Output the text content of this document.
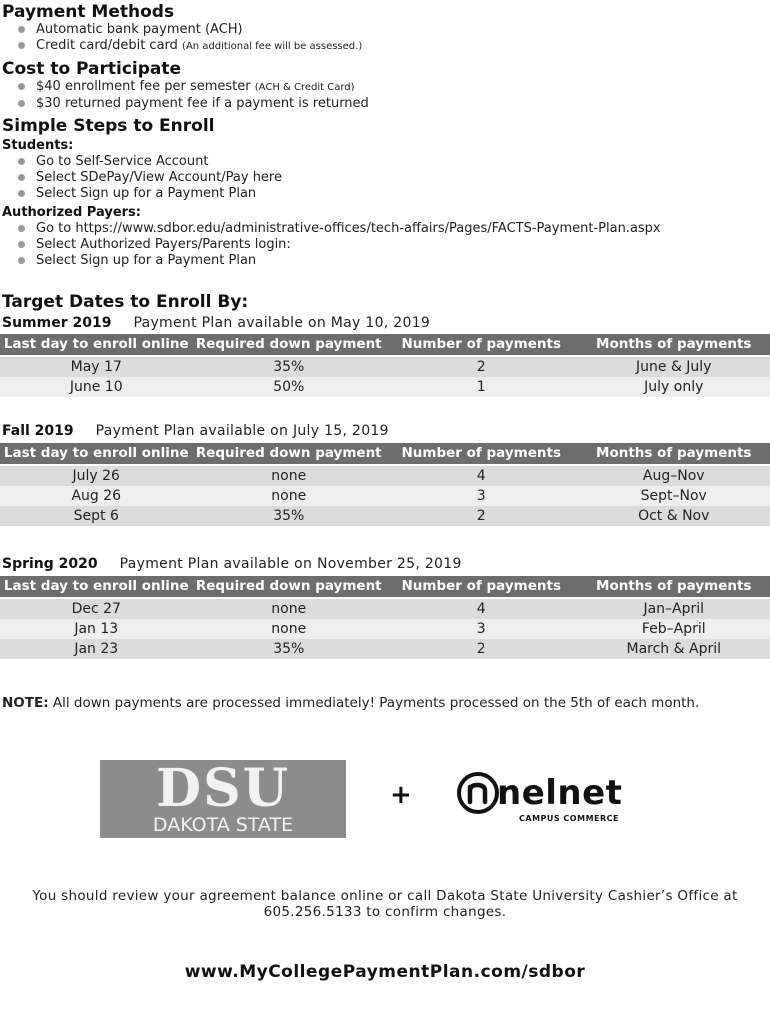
Payment Methods
Automatic bank payment (ACH)
Credit card/debit card (An additional fee will be assessed.)
Cost to Participate
$40 enrollment fee per semester (ACH & Credit Card)
$30 returned payment fee if a payment is returned
Simple Steps to Enroll
Students:
Go to Self-Service Account
Select SDePay/View Account/Pay here
Select Sign up for a Payment Plan
Authorized Payers:
Go to https://www.sdbor.edu/administrative-offices/tech-affairs/Pages/FACTS-Payment-Plan.aspx
Select Authorized Payers/Parents login:
Select Sign up for a Payment Plan
Target Dates to Enroll By:
Summer 2019 Payment Plan available on May 10, 2019
Last day to enroll online	Required down payment	Number of payments	Months of payments
May 17	35%	2	June & July
June 10	50%	1	July only
Fall 2019 Payment Plan available on July 15, 2019
Last day to enroll online	Required down payment	Number of payments	Months of payments
July 26	none	4	Aug–Nov
Aug 26	none	3	Sept–Nov
Sept 6	35%	2	Oct & Nov
Spring 2020 Payment Plan available on November 25, 2019
Last day to enroll online	Required down payment	Number of payments	Months of payments
Dec 27	none	4	Jan–April
Jan 13	none	3	Feb–April
Jan 23	35%	2	March & April
NOTE: All down payments are processed immediately! Payments processed on the 5th of each month.
DSU
DAKOTA STATE
+	nelnet
CAMPUS COMMERCE
You should review your agreement balance online or call Dakota State University Cashier’s Office at 605.256.5133 to confirm changes.
www.MyCollegePaymentPlan.com/sdbor
